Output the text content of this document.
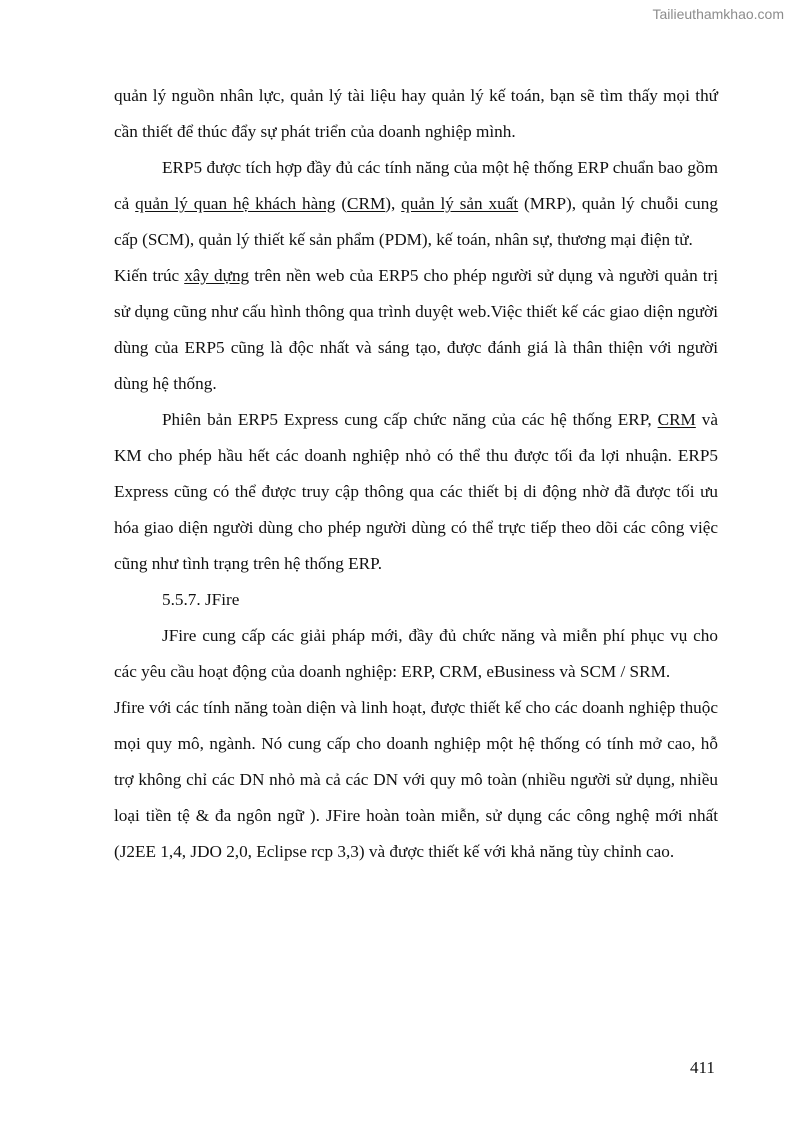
Tailieuthamkhao.com

quản lý nguồn nhân lực, quản lý tài liệu hay quản lý kế toán, bạn sẽ tìm thấy mọi thứ cần thiết để thúc đẩy sự phát triển của doanh nghiệp mình.

ERP5 được tích hợp đầy đủ các tính năng của một hệ thống ERP chuẩn bao gồm cả quản lý quan hệ khách hàng (CRM), quản lý sản xuất (MRP), quản lý chuỗi cung cấp (SCM), quản lý thiết kế sản phẩm (PDM), kế toán, nhân sự, thương mại điện tử.

Kiến trúc xây dựng trên nền web của ERP5 cho phép người sử dụng và người quản trị sử dụng cũng như cấu hình thông qua trình duyệt web.Việc thiết kế các giao diện người dùng của ERP5 cũng là độc nhất và sáng tạo, được đánh giá là thân thiện với người dùng hệ thống.

Phiên bản ERP5 Express cung cấp chức năng của các hệ thống ERP, CRM và KM cho phép hầu hết các doanh nghiệp nhỏ có thể thu được tối đa lợi nhuận. ERP5 Express cũng có thể được truy cập thông qua các thiết bị di động nhờ đã được tối ưu hóa giao diện người dùng cho phép người dùng có thể trực tiếp theo dõi các công việc cũng như tình trạng trên hệ thống ERP.

5.5.7. JFire

JFire cung cấp các giải pháp mới, đầy đủ chức năng và miễn phí phục vụ cho các yêu cầu hoạt động của doanh nghiệp: ERP, CRM, eBusiness và SCM / SRM.

Jfire với các tính năng toàn diện và linh hoạt, được thiết kế cho các doanh nghiệp thuộc mọi quy mô, ngành. Nó cung cấp cho doanh nghiệp một hệ thống có tính mở cao, hỗ trợ không chỉ các DN nhỏ mà cả các DN với quy mô toàn (nhiều người sử dụng, nhiều loại tiền tệ & đa ngôn ngữ ). JFire hoàn toàn miễn, sử dụng các công nghệ mới nhất (J2EE 1,4, JDO 2,0, Eclipse rcp 3,3) và được thiết kế với khả năng tùy chỉnh cao.

411
